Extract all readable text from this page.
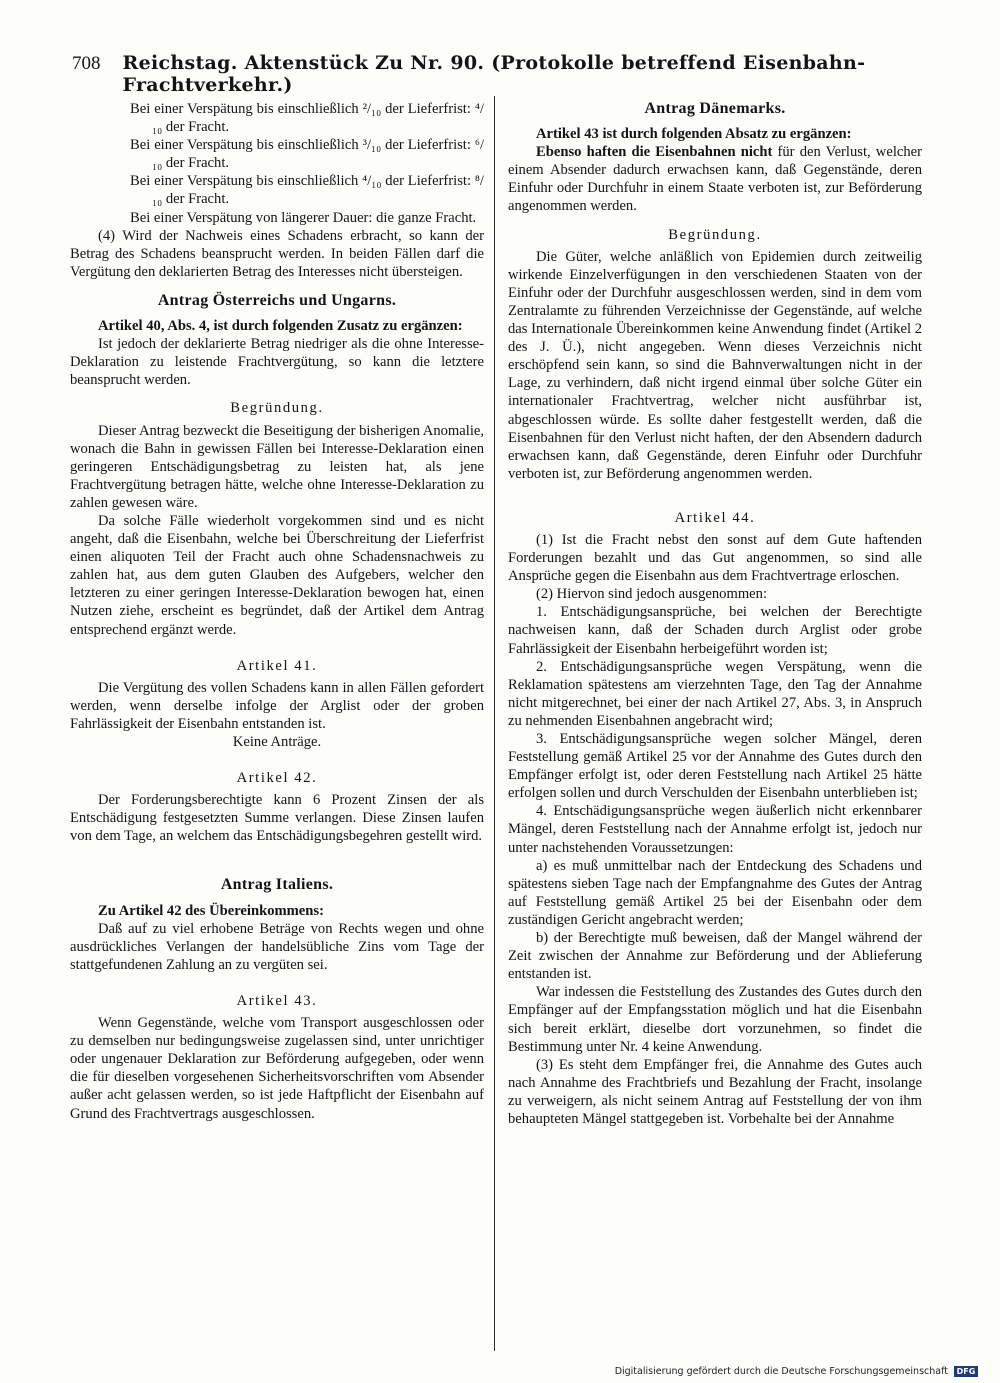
708 Reichstag. Aktenstück Zu Nr. 90. (Protokolle betreffend Eisenbahn-Frachtverkehr.)

Bei einer Verspätung bis einschließlich ²/₁₀ der Lieferfrist: ⁴/₁₀ der Fracht.

Bei einer Verspätung bis einschließlich ³/₁₀ der Lieferfrist: ⁶/₁₀ der Fracht.

Bei einer Verspätung bis einschließlich ⁴/₁₀ der Lieferfrist: ⁸/₁₀ der Fracht.

Bei einer Verspätung von längerer Dauer: die ganze Fracht.

(4) Wird der Nachweis eines Schadens erbracht, so kann der Betrag des Schadens beansprucht werden. In beiden Fällen darf die Vergütung den deklarierten Betrag des Interesses nicht übersteigen.

Antrag Österreichs und Ungarns.

Artikel 40, Abs. 4, ist durch folgenden Zusatz zu ergänzen:

Ist jedoch der deklarierte Betrag niedriger als die ohne Interesse-Deklaration zu leistende Frachtvergütung, so kann die letztere beansprucht werden.

Begründung.

Dieser Antrag bezweckt die Beseitigung der bisherigen Anomalie, wonach die Bahn in gewissen Fällen bei Interesse-Deklaration einen geringeren Entschädigungsbetrag zu leisten hat, als jene Frachtvergütung betragen hätte, welche ohne Interesse-Deklaration zu zahlen gewesen wäre.

Da solche Fälle wiederholt vorgekommen sind und es nicht angeht, daß die Eisenbahn, welche bei Überschreitung der Lieferfrist einen aliquoten Teil der Fracht auch ohne Schadensnachweis zu zahlen hat, aus dem guten Glauben des Aufgebers, welcher den letzteren zu einer geringen Interesse-Deklaration bewogen hat, einen Nutzen ziehe, erscheint es begründet, daß der Artikel dem Antrag entsprechend ergänzt werde.

Artikel 41.

Die Vergütung des vollen Schadens kann in allen Fällen gefordert werden, wenn derselbe infolge der Arglist oder der groben Fahrlässigkeit der Eisenbahn entstanden ist.

Keine Anträge.

Artikel 42.

Der Forderungsberechtigte kann 6 Prozent Zinsen der als Entschädigung festgesetzten Summe verlangen. Diese Zinsen laufen von dem Tage, an welchem das Entschädigungsbegehren gestellt wird.

Antrag Italiens.

Zu Artikel 42 des Übereinkommens:

Daß auf zu viel erhobene Beträge von Rechts wegen und ohne ausdrückliches Verlangen der handelsübliche Zins vom Tage der stattgefundenen Zahlung an zu vergüten sei.

Artikel 43.

Wenn Gegenstände, welche vom Transport ausgeschlossen oder zu demselben nur bedingungsweise zugelassen sind, unter unrichtiger oder ungenauer Deklaration zur Beförderung aufgegeben, oder wenn die für dieselben vorgesehenen Sicherheitsvorschriften vom Absender außer acht gelassen werden, so ist jede Haftpflicht der Eisenbahn auf Grund des Frachtvertrags ausgeschlossen.

Antrag Dänemarks.

Artikel 43 ist durch folgenden Absatz zu ergänzen:

Ebenso haften die Eisenbahnen nicht für den Verlust, welcher einem Absender dadurch erwachsen kann, daß Gegenstände, deren Einfuhr oder Durchfuhr in einem Staate verboten ist, zur Beförderung angenommen werden.

Begründung.

Die Güter, welche anläßlich von Epidemien durch zeitweilig wirkende Einzelverfügungen in den verschiedenen Staaten von der Einfuhr oder der Durchfuhr ausgeschlossen werden, sind in dem vom Zentralamte zu führenden Verzeichnisse der Gegenstände, auf welche das Internationale Übereinkommen keine Anwendung findet (Artikel 2 des J. Ü.), nicht angegeben. Wenn dieses Verzeichnis nicht erschöpfend sein kann, so sind die Bahnverwaltungen nicht in der Lage, zu verhindern, daß nicht irgend einmal über solche Güter ein internationaler Frachtvertrag, welcher nicht ausführbar ist, abgeschlossen würde. Es sollte daher festgestellt werden, daß die Eisenbahnen für den Verlust nicht haften, der den Absendern dadurch erwachsen kann, daß Gegenstände, deren Einfuhr oder Durchfuhr verboten ist, zur Beförderung angenommen werden.

Artikel 44.

(1) Ist die Fracht nebst den sonst auf dem Gute haftenden Forderungen bezahlt und das Gut angenommen, so sind alle Ansprüche gegen die Eisenbahn aus dem Frachtvertrage erloschen.

(2) Hiervon sind jedoch ausgenommen:

1. Entschädigungsansprüche, bei welchen der Berechtigte nachweisen kann, daß der Schaden durch Arglist oder grobe Fahrlässigkeit der Eisenbahn herbeigeführt worden ist;

2. Entschädigungsansprüche wegen Verspätung, wenn die Reklamation spätestens am vierzehnten Tage, den Tag der Annahme nicht mitgerechnet, bei einer der nach Artikel 27, Abs. 3, in Anspruch zu nehmenden Eisenbahnen angebracht wird;

3. Entschädigungsansprüche wegen solcher Mängel, deren Feststellung gemäß Artikel 25 vor der Annahme des Gutes durch den Empfänger erfolgt ist, oder deren Feststellung nach Artikel 25 hätte erfolgen sollen und durch Verschulden der Eisenbahn unterblieben ist;

4. Entschädigungsansprüche wegen äußerlich nicht erkennbarer Mängel, deren Feststellung nach der Annahme erfolgt ist, jedoch nur unter nachstehenden Voraussetzungen:

a) es muß unmittelbar nach der Entdeckung des Schadens und spätestens sieben Tage nach der Empfangnahme des Gutes der Antrag auf Feststellung gemäß Artikel 25 bei der Eisenbahn oder dem zuständigen Gericht angebracht werden;

b) der Berechtigte muß beweisen, daß der Mangel während der Zeit zwischen der Annahme zur Beförderung und der Ablieferung entstanden ist.

War indessen die Feststellung des Zustandes des Gutes durch den Empfänger auf der Empfangsstation möglich und hat die Eisenbahn sich bereit erklärt, dieselbe dort vorzunehmen, so findet die Bestimmung unter Nr. 4 keine Anwendung.

(3) Es steht dem Empfänger frei, die Annahme des Gutes auch nach Annahme des Frachtbriefs und Bezahlung der Fracht, insolange zu verweigern, als nicht seinem Antrag auf Feststellung der von ihm behaupteten Mängel stattgegeben ist. Vorbehalte bei der Annahme

Digitalisierung gefördert durch die Deutsche Forschungsgemeinschaft	DFG
